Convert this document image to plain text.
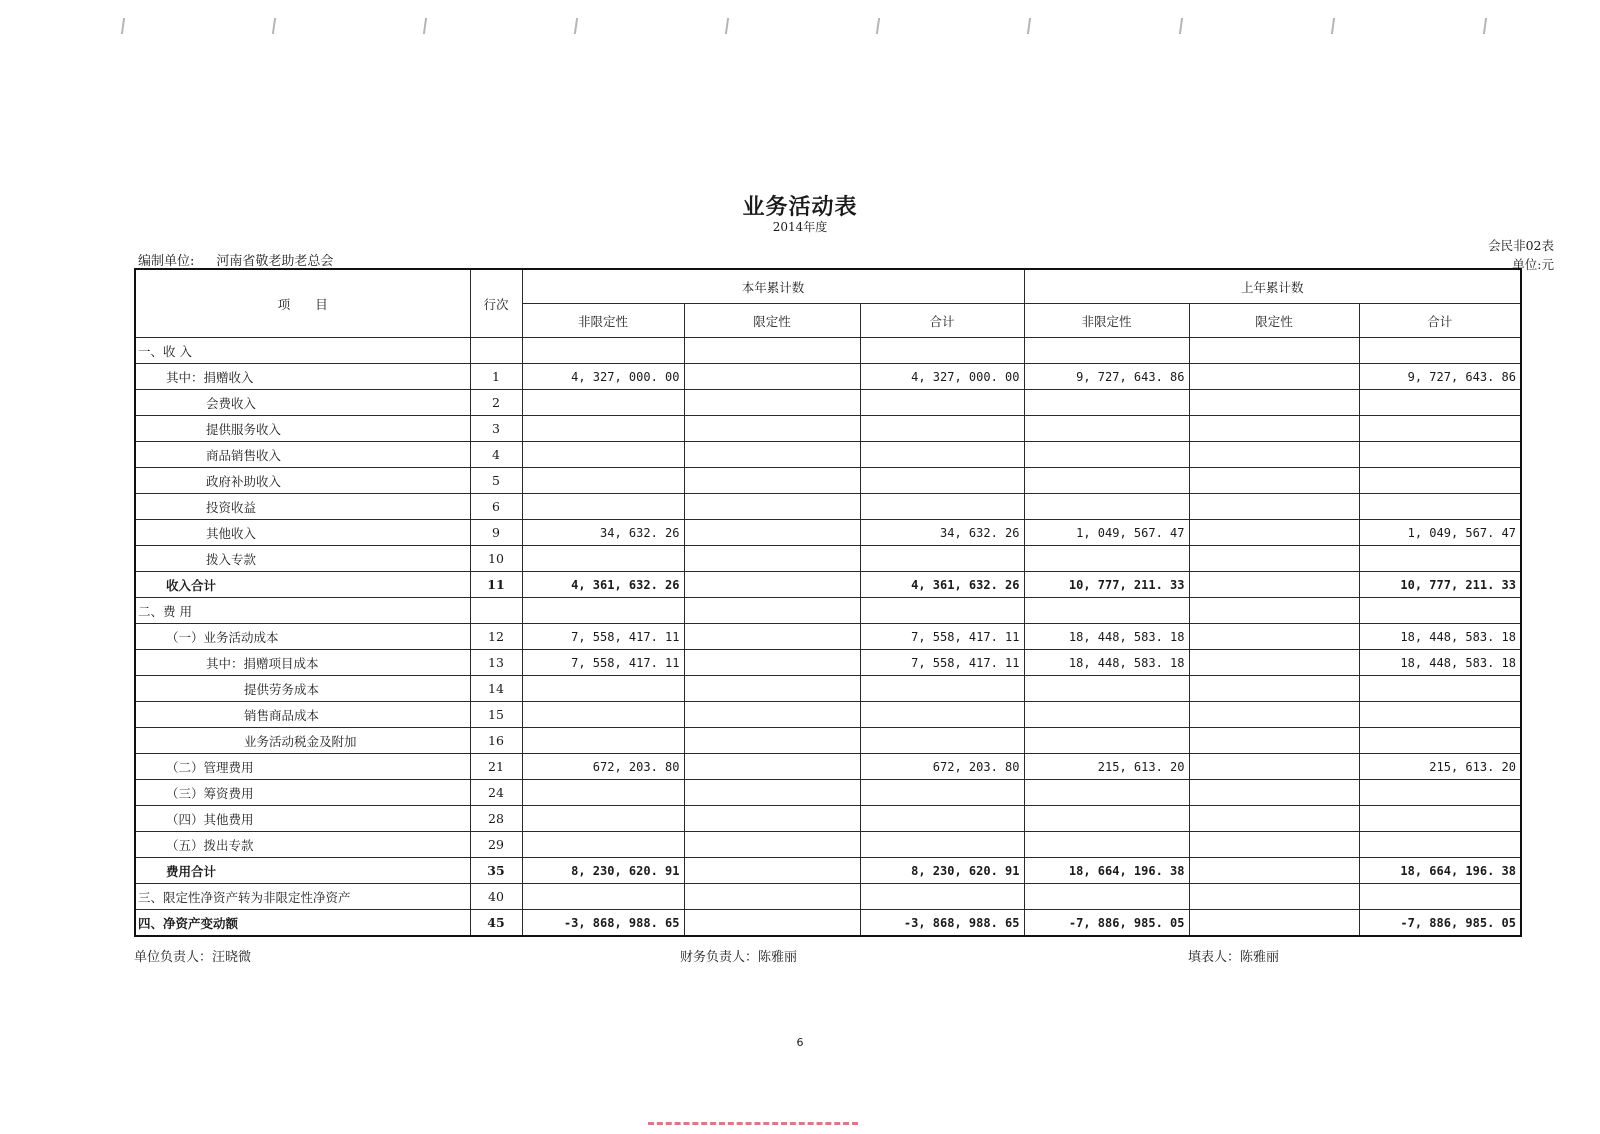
业务活动表
2014年度
编制单位: 河南省敬老助老总会
会民非02表
单位:元
项　　目	行次	本年累计数			上年累计数		
		非限定性	限定性	合计	非限定性	限定性	合计
一、收 入							
其中：捐赠收入	1	4, 327, 000. 00		4, 327, 000. 00	9, 727, 643. 86		9, 727, 643. 86
会费收入	2						
提供服务收入	3						
商品销售收入	4						
政府补助收入	5						
投资收益	6						
其他收入	9	34, 632. 26		34, 632. 26	1, 049, 567. 47		1, 049, 567. 47
拨入专款	10						
收入合计	11	4, 361, 632. 26		4, 361, 632. 26	10, 777, 211. 33		10, 777, 211. 33
二、费 用							
（一）业务活动成本	12	7, 558, 417. 11		7, 558, 417. 11	18, 448, 583. 18		18, 448, 583. 18
其中：捐赠项目成本	13	7, 558, 417. 11		7, 558, 417. 11	18, 448, 583. 18		18, 448, 583. 18
提供劳务成本	14						
销售商品成本	15						
业务活动税金及附加	16						
（二）管理费用	21	672, 203. 80		672, 203. 80	215, 613. 20		215, 613. 20
（三）筹资费用	24						
（四）其他费用	28						
（五）拨出专款	29						
费用合计	35	8, 230, 620. 91		8, 230, 620. 91	18, 664, 196. 38		18, 664, 196. 38
三、限定性净资产转为非限定性净资产	40						
四、净资产变动额	45	-3, 868, 988. 65		-3, 868, 988. 65	-7, 886, 985. 05		-7, 886, 985. 05
单位负责人：汪晓微	财务负责人：陈雅丽	填表人：陈雅丽
6
